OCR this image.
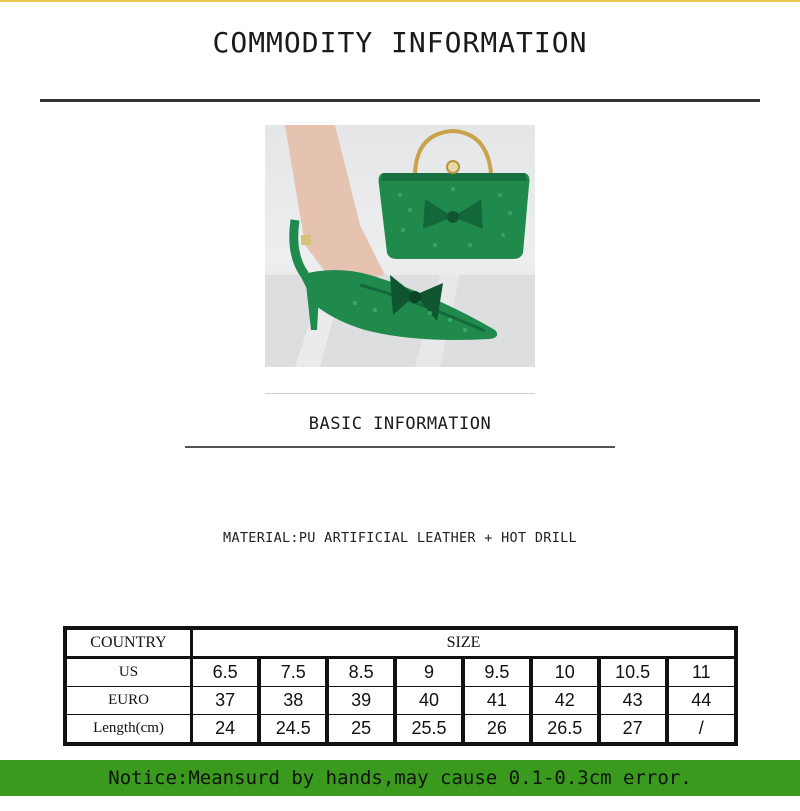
COMMODITY INFORMATION
BASIC INFORMATION
MATERIAL:PU ARTIFICIAL LEATHER + HOT DRILL
COUNTRY	SIZE							
US	6.5	7.5	8.5	9	9.5	10	10.5	11
EURO	37	38	39	40	41	42	43	44
Length(cm)	24	24.5	25	25.5	26	26.5	27	/
Notice:Meansurd by hands,may cause 0.1-0.3cm error.
